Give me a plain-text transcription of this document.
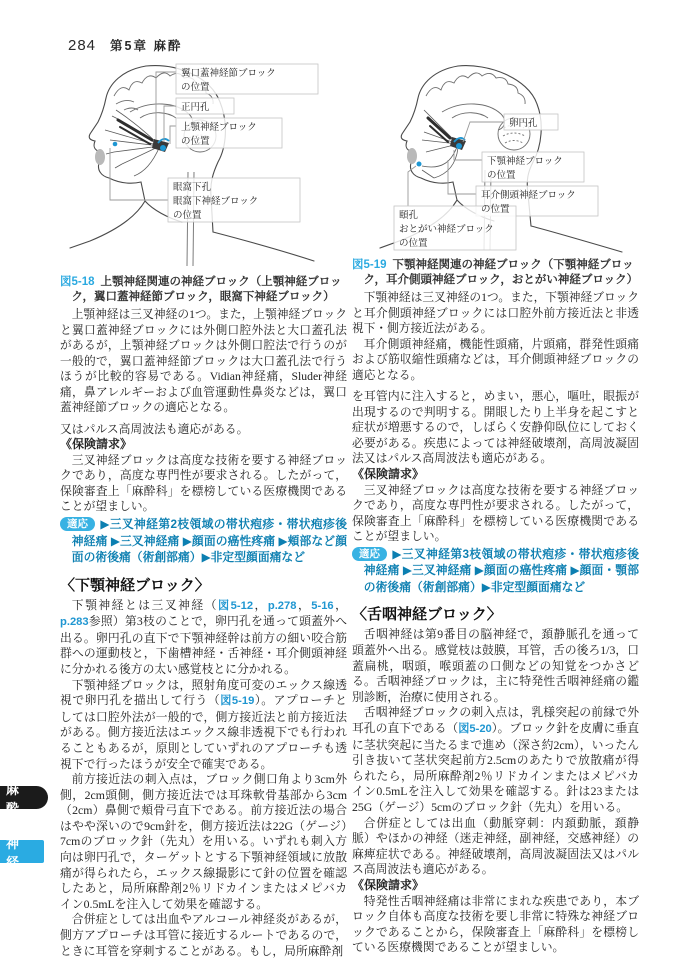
284 第5章 麻酔
翼口蓋神経節ブロック
の位置
正円孔
上顎神経ブロック
の位置
眼窩下孔
眼窩下神経ブロック
の位置
図5-18 上顎神経関連の神経ブロック（上顎神経ブロック，翼口蓋神経節ブロック，眼窩下神経ブロック）

上顎神経は三叉神経の1つ。また，上顎神経ブロックと翼口蓋神経ブロックには外側口腔外法と大口蓋孔法があるが，上顎神経ブロックは外側口腔法で行うのが一般的で，翼口蓋神経節ブロックは大口蓋孔法で行うほうが比較的容易である。Vidian神経痛，Sluder神経痛，鼻アレルギーおよび血管運動性鼻炎などは，翼口蓋神経節ブロックの適応となる。

又はパルス高周波法も適応がある。

《保険請求》

三叉神経ブロックは高度な技術を要する神経ブロックであり，高度な専門性が要求される。したがって，保険審査上「麻酔科」を標榜している医療機関であることが望ましい。

適応 ▶三叉神経第2枝領域の帯状疱疹・帯状疱疹後神経痛 ▶三叉神経痛 ▶顔面の癌性疼痛 ▶頬部など顔面の術後痛（術創部痛）▶非定型顔面痛など

〈下顎神経ブロック〉

下顎神経とは三叉神経（図5-12，p.278，5-16，p.283参照）第3枝のことで，卵円孔を通って頭蓋外へ出る。卵円孔の直下で下顎神経幹は前方の細い咬合筋群への運動枝と，下歯槽神経・舌神経・耳介側頭神経に分かれる後方の太い感覚枝とに分かれる。

下顎神経ブロックは，照射角度可変のエックス線透視で卵円孔を描出して行う（図5-19）。アプローチとしては口腔外法が一般的で，側方接近法と前方接近法がある。側方接近法はエックス線非透視下でも行われることもあるが，原則としていずれのアプローチも透視下で行ったほうが安全で確実である。

前方接近法の刺入点は，ブロック側口角より3cm外側，2cm頭側，側方接近法では耳珠軟骨基部から3cm（2cm）鼻側で頬骨弓直下である。前方接近法の場合はやや深いので9cm針を，側方接近法は22G（ゲージ）7cmのブロック針（先丸）を用いる。いずれも刺入方向は卵円孔で，ターゲットとする下顎神経領域に放散痛が得られたら，エックス線撮影にて針の位置を確認したあと，局所麻酔剤2％リドカインまたはメピバカイン0.5mLを注入して効果を確認する。

合併症としては出血やアルコール神経炎があるが，側方アプローチは耳管に接近するルートであるので，ときに耳管を穿刺することがある。もし，局所麻酔剤

卵円孔
下顎神経ブロック
の位置
耳介側頭神経ブロック
の位置
頤孔
おとがい神経ブロック
の位置
図5-19 下顎神経関連の神経ブロック（下顎神経ブロック，耳介側頭神経ブロック，おとがい神経ブロック）

下顎神経は三叉神経の1つ。また，下顎神経ブロックと耳介側頭神経ブロックには口腔外前方接近法と非透視下・側方接近法がある。

耳介側頭神経痛，機能性頭痛，片頭痛，群発性頭痛および筋収縮性頭痛などは，耳介側頭神経ブロックの適応となる。

を耳管内に注入すると，めまい，悪心，嘔吐，眼振が出現するので判明する。開眼したり上半身を起こすと症状が増悪するので，しばらく安静仰臥位にしておく必要がある。疾患によっては神経破壊剤，高周波凝固法又はパルス高周波法も適応がある。

《保険請求》

三叉神経ブロックは高度な技術を要する神経ブロックであり，高度な専門性が要求される。したがって，保険審査上「麻酔科」を標榜している医療機関であることが望ましい。

適応 ▶三叉神経第3枝領域の帯状疱疹・帯状疱疹後神経痛 ▶三叉神経痛 ▶顔面の癌性疼痛 ▶顔面・顎部の術後痛（術創部痛）▶非定型顔面痛など

〈舌咽神経ブロック〉

舌咽神経は第9番目の脳神経で，頚静脈孔を通って頭蓋外へ出る。感覚枝は鼓膜，耳管，舌の後ろ1/3，口蓋扁桃，咽頭，喉頭蓋の口側などの知覚をつかさどる。舌咽神経ブロックは，主に特発性舌咽神経痛の鑑別診断，治療に使用される。

舌咽神経ブロックの刺入点は，乳様突起の前縁で外耳孔の直下である（図5-20）。ブロック針を皮膚に垂直に茎状突起に当たるまで進め（深さ約2cm），いったん引き抜いて茎状突起前方2.5cmのあたりで放散痛が得られたら，局所麻酔剤2％リドカインまたはメピバカイン0.5mLを注入して効果を確認する。針は23または25G（ゲージ）5cmのブロック針（先丸）を用いる。

合併症としては出血（動脈穿刺：内頚動脈，頚静脈）やほかの神経（迷走神経，副神経，交感神経）の麻痺症状である。神経破壊剤，高周波凝固法又はパルス高周波法も適応がある。

《保険請求》

特発性舌咽神経痛は非常にまれな疾患であり，本ブロック自体も高度な技術を要し非常に特殊な神経ブロックであることから，保険審査上「麻酔科」を標榜している医療機関であることが望ましい。

麻 酔
神 経
